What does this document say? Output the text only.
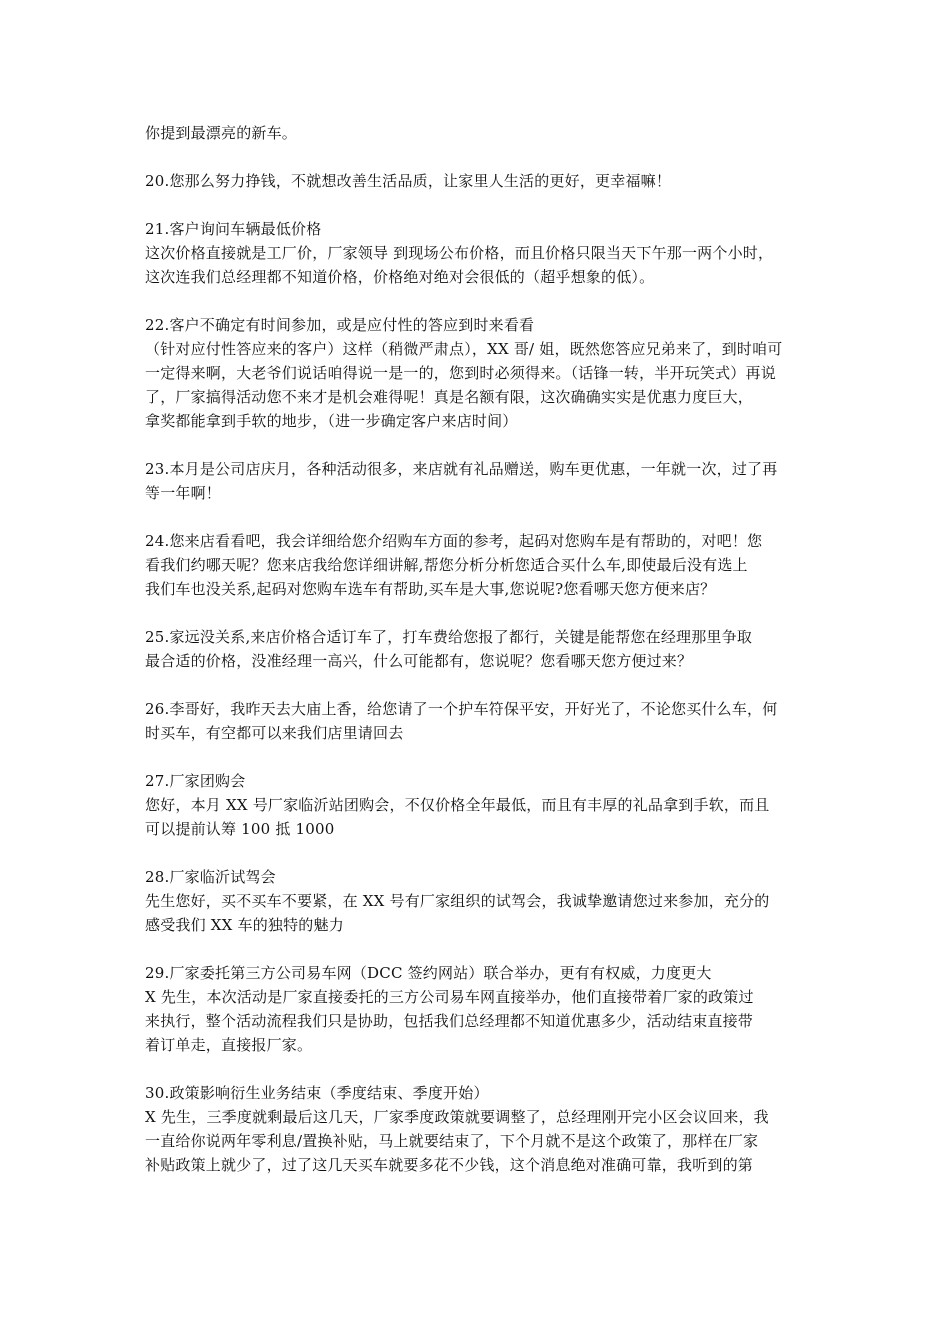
你提到最漂亮的新车。
20.您那么努力挣钱，不就想改善生活品质，让家里人生活的更好，更幸福嘛！
21.客户询问车辆最低价格
这次价格直接就是工厂价，厂家领导 到现场公布价格，而且价格只限当天下午那一两个小时，
这次连我们总经理都不知道价格，价格绝对绝对会很低的（超乎想象的低）。
22.客户不确定有时间参加，或是应付性的答应到时来看看
（针对应付性答应来的客户）这样（稍微严肃点），XX 哥/ 姐，既然您答应兄弟来了，到时咱可
一定得来啊，大老爷们说话咱得说一是一的，您到时必须得来。（话锋一转，半开玩笑式）再说
了，厂家搞得活动您不来才是机会难得呢！真是名额有限，这次确确实实是优惠力度巨大，
拿奖都能拿到手软的地步，（进一步确定客户来店时间）
23.本月是公司店庆月，各种活动很多，来店就有礼品赠送，购车更优惠，一年就一次，过了再
等一年啊！
24.您来店看看吧，我会详细给您介绍购车方面的参考，起码对您购车是有帮助的，对吧！您
看我们约哪天呢？您来店我给您详细讲解,帮您分析分析您适合买什么车,即使最后没有选上
我们车也没关系,起码对您购车选车有帮助,买车是大事,您说呢?您看哪天您方便来店？
25.家远没关系,来店价格合适订车了，打车费给您报了都行，关键是能帮您在经理那里争取
最合适的价格，没准经理一高兴，什么可能都有，您说呢？您看哪天您方便过来？
26.李哥好，我昨天去大庙上香，给您请了一个护车符保平安，开好光了，不论您买什么车，何
时买车，有空都可以来我们店里请回去
27.厂家团购会
您好，本月 XX 号厂家临沂站团购会，不仅价格全年最低，而且有丰厚的礼品拿到手软，而且
可以提前认筹 100 抵 1000
28.厂家临沂试驾会
先生您好，买不买车不要紧，在 XX 号有厂家组织的试驾会，我诚挚邀请您过来参加，充分的
感受我们 XX 车的独特的魅力
29.厂家委托第三方公司易车网（DCC 签约网站）联合举办，更有有权威，力度更大
X 先生，本次活动是厂家直接委托的三方公司易车网直接举办，他们直接带着厂家的政策过
来执行，整个活动流程我们只是协助，包括我们总经理都不知道优惠多少，活动结束直接带
着订单走，直接报厂家。
30.政策影响衍生业务结束（季度结束、季度开始）
X 先生，三季度就剩最后这几天，厂家季度政策就要调整了，总经理刚开完小区会议回来，我
一直给你说两年零利息/置换补贴，马上就要结束了，下个月就不是这个政策了，那样在厂家
补贴政策上就少了，过了这几天买车就要多花不少钱，这个消息绝对准确可靠，我听到的第
